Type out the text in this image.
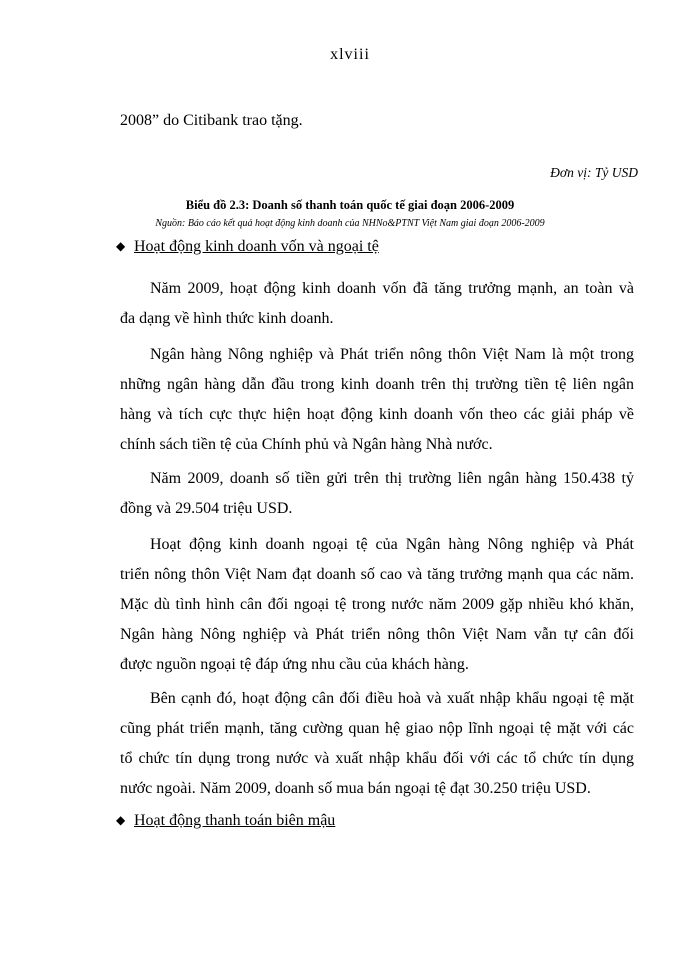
xlviii
2008” do Citibank trao tặng.
Đơn vị: Tỷ USD
Biểu đồ 2.3: Doanh số thanh toán quốc tế giai đoạn 2006-2009
Nguồn: Báo cáo kết quả hoạt động kinh doanh của NHNo&PTNT Việt Nam giai đoạn 2006-2009
◆ Hoạt động kinh doanh vốn và ngoại tệ
Năm 2009, hoạt động kinh doanh vốn đã tăng trưởng mạnh, an toàn và
đa dạng về hình thức kinh doanh.
Ngân hàng Nông nghiệp và Phát triển nông thôn Việt Nam là một trong
những ngân hàng dẫn đầu trong kinh doanh trên thị trường tiền tệ liên ngân
hàng và tích cực thực hiện hoạt động kinh doanh vốn theo các giải pháp về
chính sách tiền tệ của Chính phủ và Ngân hàng Nhà nước.
Năm 2009, doanh số tiền gửi trên thị trường liên ngân hàng 150.438 tỷ
đồng và 29.504 triệu USD.
Hoạt động kinh doanh ngoại tệ của Ngân hàng Nông nghiệp và Phát
triển nông thôn Việt Nam đạt doanh số cao và tăng trưởng mạnh qua các năm.
Mặc dù tình hình cân đối ngoại tệ trong nước năm 2009 gặp nhiều khó khăn,
Ngân hàng Nông nghiệp và Phát triển nông thôn Việt Nam vẫn tự cân đối
được nguồn ngoại tệ đáp ứng nhu cầu của khách hàng.
Bên cạnh đó, hoạt động cân đối điều hoà và xuất nhập khẩu ngoại tệ mặt
cũng phát triển mạnh, tăng cường quan hệ giao nộp lĩnh ngoại tệ mặt với các
tổ chức tín dụng trong nước và xuất nhập khẩu đối với các tổ chức tín dụng
nước ngoài. Năm 2009, doanh số mua bán ngoại tệ đạt 30.250 triệu USD.
◆ Hoạt động thanh toán biên mậu
